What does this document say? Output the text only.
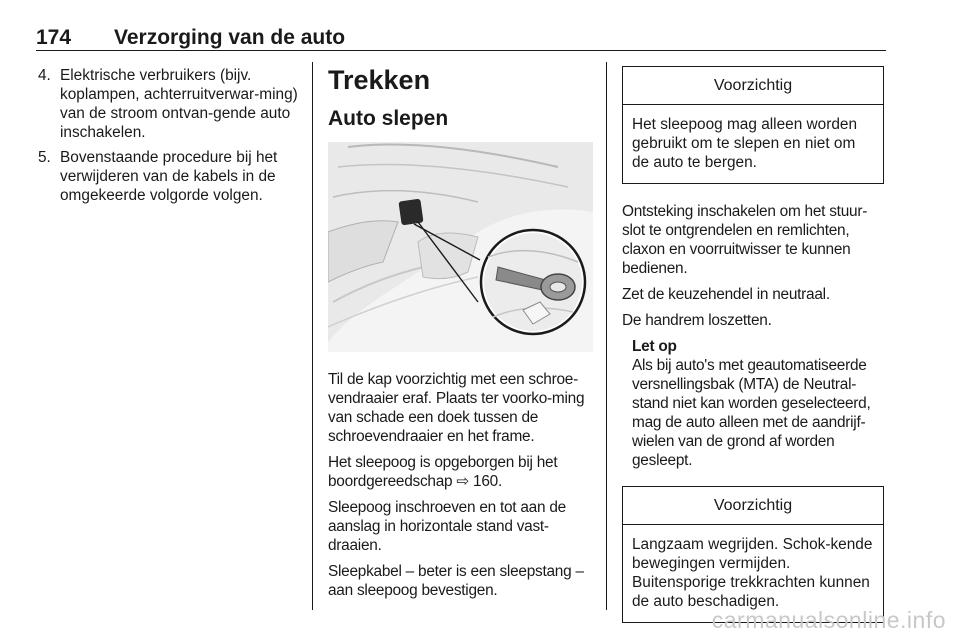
174 Verzorging van de auto
4. Elektrische verbruikers (bijv. koplampen, achterruitverwar-ming) van de stroom ontvan-gende auto inschakelen.
5. Bovenstaande procedure bij het verwijderen van de kabels in de omgekeerde volgorde volgen.
Trekken
Auto slepen

Til de kap voorzichtig met een schroe-vendraaier eraf. Plaats ter voorko-ming van schade een doek tussen de schroevendraaier en het frame.

Het sleepoog is opgeborgen bij het boordgereedschap ⇨ 160.

Sleepoog inschroeven en tot aan de aanslag in horizontale stand vast-draaien.

Sleepkabel – beter is een sleepstang – aan sleepoog bevestigen.

Voorzichtig
Het sleepoog mag alleen worden gebruikt om te slepen en niet om de auto te bergen.

Ontsteking inschakelen om het stuur-slot te ontgrendelen en remlichten, claxon en voorruitwisser te kunnen bedienen.

Zet de keuzehendel in neutraal.

De handrem loszetten.

Let op
Als bij auto's met geautomatiseerde versnellingsbak (MTA) de Neutral-stand niet kan worden geselecteerd, mag de auto alleen met de aandrijf-wielen van de grond af worden gesleept.
Voorzichtig
Langzaam wegrijden. Schok-kende bewegingen vermijden. Buitensporige trekkrachten kunnen de auto beschadigen.
carmanualsonline.info
